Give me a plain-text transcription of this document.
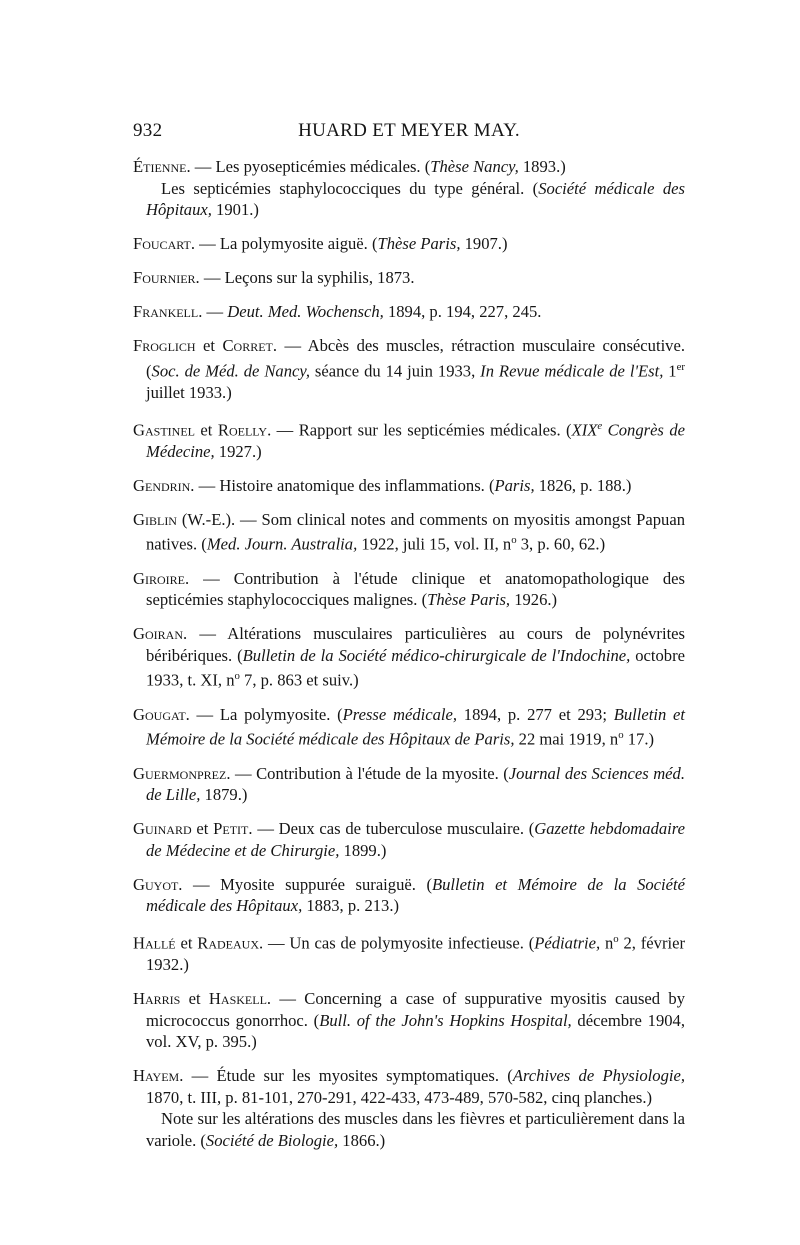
932	HUARD ET MEYER MAY.
Étienne. — Les pyosepticémies médicales. (Thèse Nancy, 1893.)
Les septicémies staphylococciques du type général. (Société médicale des Hôpitaux, 1901.)
Foucart. — La polymyosite aiguë. (Thèse Paris, 1907.)
Fournier. — Leçons sur la syphilis, 1873.
Frankell. — Deut. Med. Wochensch, 1894, p. 194, 227, 245.
Froglich et Corret. — Abcès des muscles, rétraction musculaire consécutive. (Soc. de Méd. de Nancy, séance du 14 juin 1933, In Revue médicale de l'Est, 1er juillet 1933.)
Gastinel et Roelly. — Rapport sur les septicémies médicales. (XIXe Congrès de Médecine, 1927.)
Gendrin. — Histoire anatomique des inflammations. (Paris, 1826, p. 188.)
Giblin (W.-E.). — Som clinical notes and comments on myositis amongst Papuan natives. (Med. Journ. Australia, 1922, juli 15, vol. II, $n^o$ 3, p. 60, 62.)
Giroire. — Contribution à l'étude clinique et anatomopathologique des septicémies staphylococciques malignes. (Thèse Paris, 1926.)
Goiran. — Altérations musculaires particulières au cours de polynévrites béribériques. (Bulletin de la Société médico-chirurgicale de l'Indochine, octobre 1933, t. XI, $n^o$ 7, p. 863 et suiv.)
Gougat. — La polymyosite. (Presse médicale, 1894, p. 277 et 293; Bulletin et Mémoire de la Société médicale des Hôpitaux de Paris, 22 mai 1919, $n^o$ 17.)
Guermonprez. — Contribution à l'étude de la myosite. (Journal des Sciences méd. de Lille, 1879.)
Guinard et Petit. — Deux cas de tuberculose musculaire. (Gazette hebdomadaire de Médecine et de Chirurgie, 1899.)
Guyot. — Myosite suppurée suraiguë. (Bulletin et Mémoire de la Société médicale des Hôpitaux, 1883, p. 213.)
Hallé et Radeaux. — Un cas de polymyosite infectieuse. (Pédiatrie, $n^o$ 2, février 1932.)
Harris et Haskell. — Concerning a case of suppurative myositis caused by micrococcus gonorrhoc. (Bull. of the John's Hopkins Hospital, décembre 1904, vol. XV, p. 395.)
Hayem. — Étude sur les myosites symptomatiques. (Archives de Physiologie, 1870, t. III, p. 81-101, 270-291, 422-433, 473-489, 570-582, cinq planches.)
Note sur les altérations des muscles dans les fièvres et particulièrement dans la variole. (Société de Biologie, 1866.)
